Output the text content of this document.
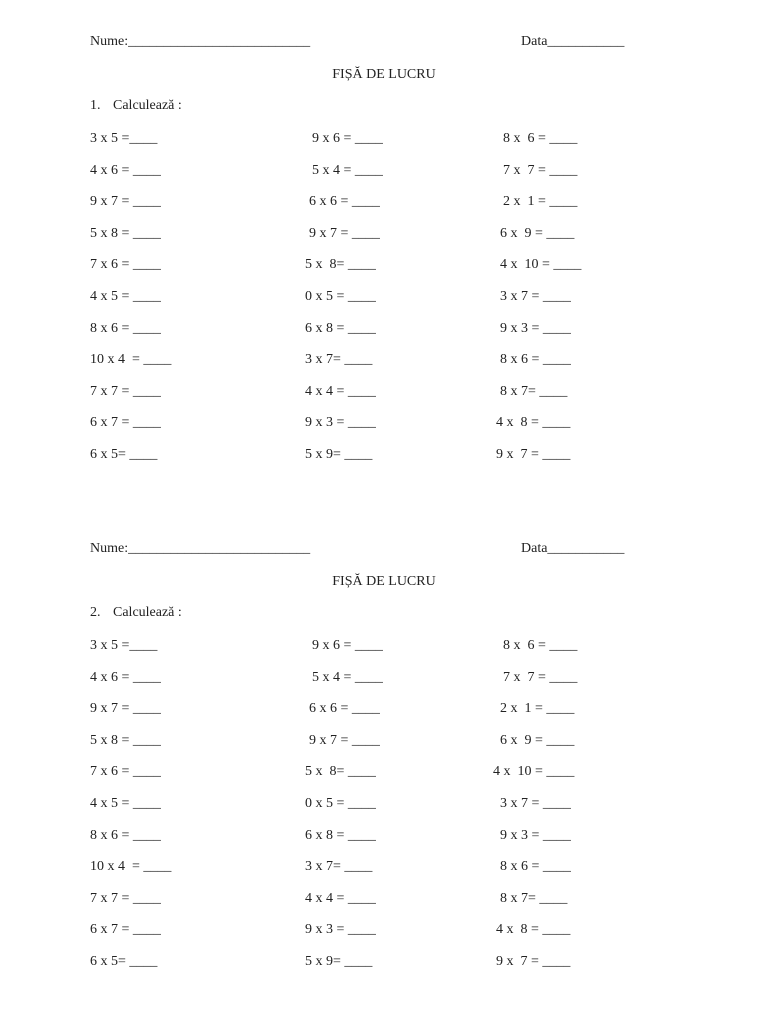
Nume:__________________________	Data___________
FIȘĂ DE LUCRU
1. Calculează :
3 x 5 =____
4 x 6 = ____
9 x 7 = ____
5 x 8 = ____
7 x 6 = ____
4 x 5 = ____
8 x 6 = ____
10 x 4  = ____
7 x 7 = ____
6 x 7 = ____
6 x 5= ____
9 x 6 = ____
5 x 4 = ____
6 x 6 = ____
9 x 7 = ____
5 x  8= ____
0 x 5 = ____
6 x 8 = ____
3 x 7= ____
4 x 4 = ____
9 x 3 = ____
5 x 9= ____
8 x  6 = ____
7 x  7 = ____
2 x  1 = ____
6 x  9 = ____
4 x  10 = ____
3 x 7 = ____
9 x 3 = ____
8 x 6 = ____
8 x 7= ____
4 x  8 = ____
9 x  7 = ____
Nume:__________________________	Data___________
FIȘĂ DE LUCRU
2. Calculează :
3 x 5 =____
4 x 6 = ____
9 x 7 = ____
5 x 8 = ____
7 x 6 = ____
4 x 5 = ____
8 x 6 = ____
10 x 4  = ____
7 x 7 = ____
6 x 7 = ____
6 x 5= ____
9 x 6 = ____
5 x 4 = ____
6 x 6 = ____
9 x 7 = ____
5 x  8= ____
0 x 5 = ____
6 x 8 = ____
3 x 7= ____
4 x 4 = ____
9 x 3 = ____
5 x 9= ____
8 x  6 = ____
7 x  7 = ____
2 x  1 = ____
6 x  9 = ____
4 x  10 = ____
3 x 7 = ____
9 x 3 = ____
8 x 6 = ____
8 x 7= ____
4 x  8 = ____
9 x  7 = ____
